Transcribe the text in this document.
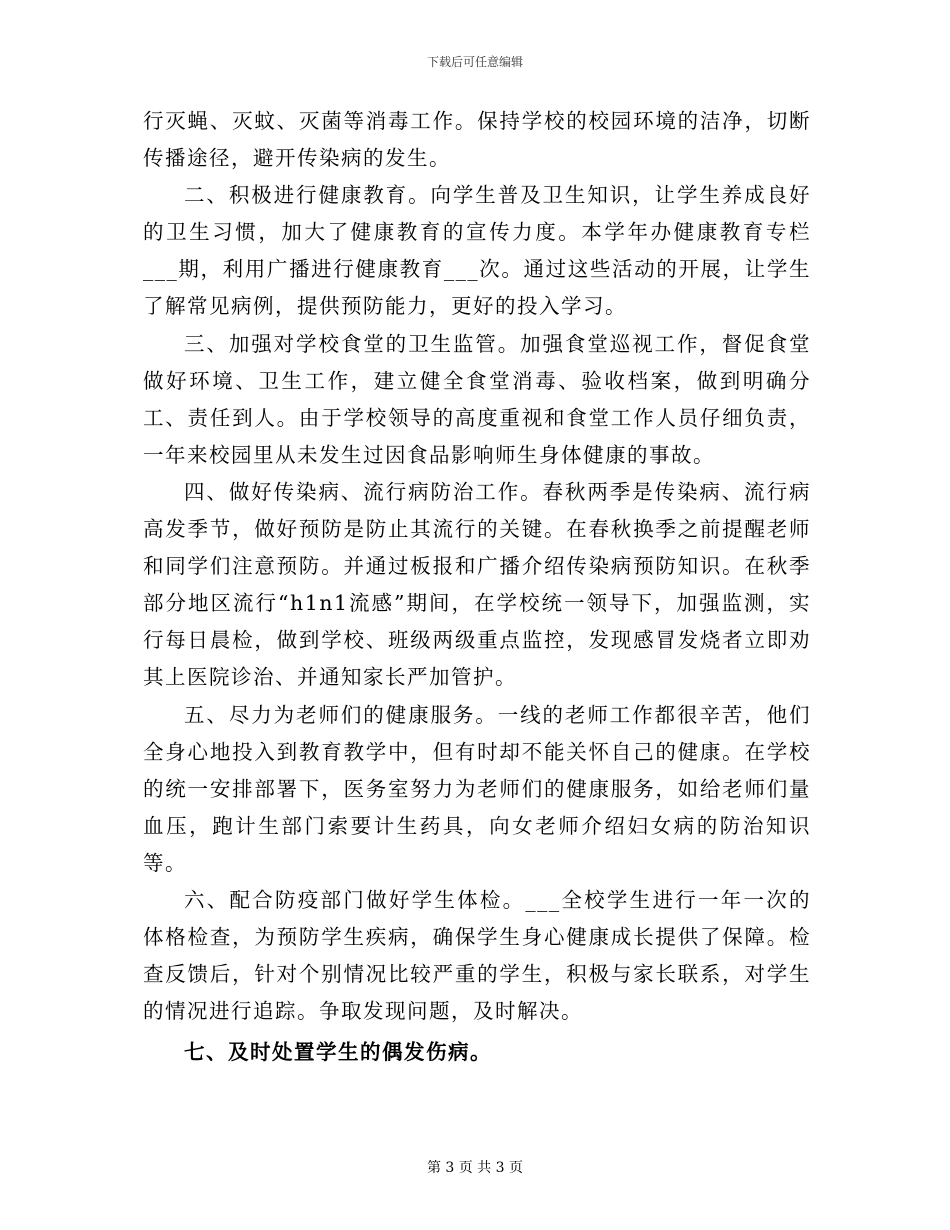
下载后可任意编辑

行灭蝇、灭蚊、灭菌等消毒工作。保持学校的校园环境的洁净，切断传播途径，避开传染病的发生。

二、积极进行健康教育。向学生普及卫生知识，让学生养成良好的卫生习惯，加大了健康教育的宣传力度。本学年办健康教育专栏___期，利用广播进行健康教育___次。通过这些活动的开展，让学生了解常见病例，提供预防能力，更好的投入学习。

三、加强对学校食堂的卫生监管。加强食堂巡视工作，督促食堂做好环境、卫生工作，建立健全食堂消毒、验收档案，做到明确分工、责任到人。由于学校领导的高度重视和食堂工作人员仔细负责，一年来校园里从未发生过因食品影响师生身体健康的事故。

四、做好传染病、流行病防治工作。春秋两季是传染病、流行病高发季节，做好预防是防止其流行的关键。在春秋换季之前提醒老师和同学们注意预防。并通过板报和广播介绍传染病预防知识。在秋季部分地区流行“h1n1流感”期间，在学校统一领导下，加强监测，实行每日晨检，做到学校、班级两级重点监控，发现感冒发烧者立即劝其上医院诊治、并通知家长严加管护。

五、尽力为老师们的健康服务。一线的老师工作都很辛苦，他们全身心地投入到教育教学中，但有时却不能关怀自己的健康。在学校的统一安排部署下，医务室努力为老师们的健康服务，如给老师们量血压，跑计生部门索要计生药具，向女老师介绍妇女病的防治知识等。

六、配合防疫部门做好学生体检。___全校学生进行一年一次的体格检查，为预防学生疾病，确保学生身心健康成长提供了保障。检查反馈后，针对个别情况比较严重的学生，积极与家长联系，对学生的情况进行追踪。争取发现问题，及时解决。

七、及时处置学生的偶发伤病。

第 3 页 共 3 页
